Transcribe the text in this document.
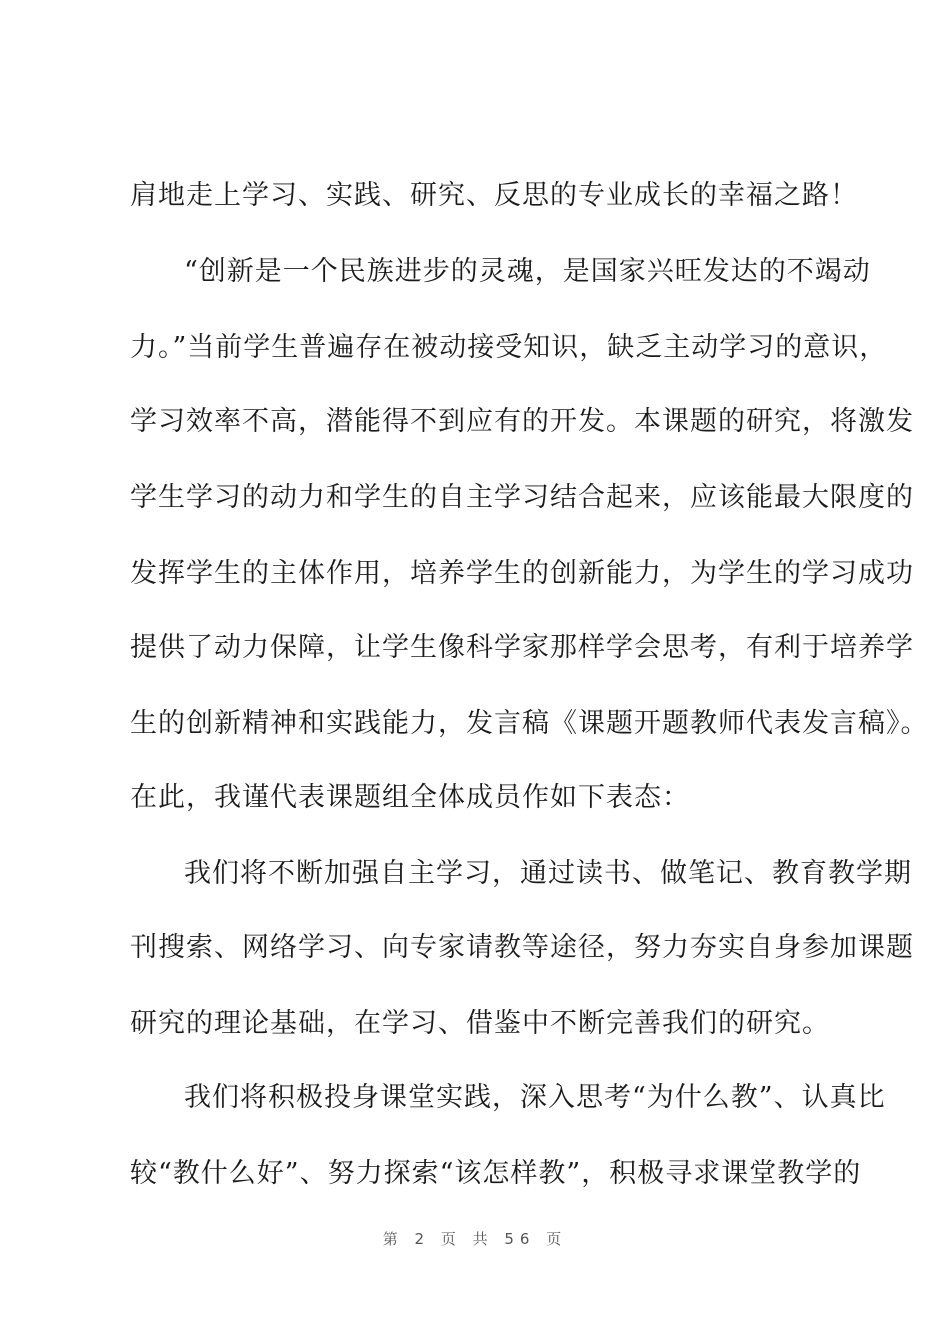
肩地走上学习、实践、研究、反思的专业成长的幸福之路！
“创新是一个民族进步的灵魂，是国家兴旺发达的不竭动
力。”当前学生普遍存在被动接受知识，缺乏主动学习的意识，
学习效率不高，潜能得不到应有的开发。本课题的研究，将激发
学生学习的动力和学生的自主学习结合起来，应该能最大限度的
发挥学生的主体作用，培养学生的创新能力，为学生的学习成功
提供了动力保障，让学生像科学家那样学会思考，有利于培养学
生的创新精神和实践能力，发言稿《课题开题教师代表发言稿》。
在此，我谨代表课题组全体成员作如下表态：
我们将不断加强自主学习，通过读书、做笔记、教育教学期
刊搜索、网络学习、向专家请教等途径，努力夯实自身参加课题
研究的理论基础，在学习、借鉴中不断完善我们的研究。
我们将积极投身课堂实践，深入思考“为什么教”、认真比
较“教什么好”、努力探索“该怎样教”，积极寻求课堂教学的
第 2 页 共 56 页
